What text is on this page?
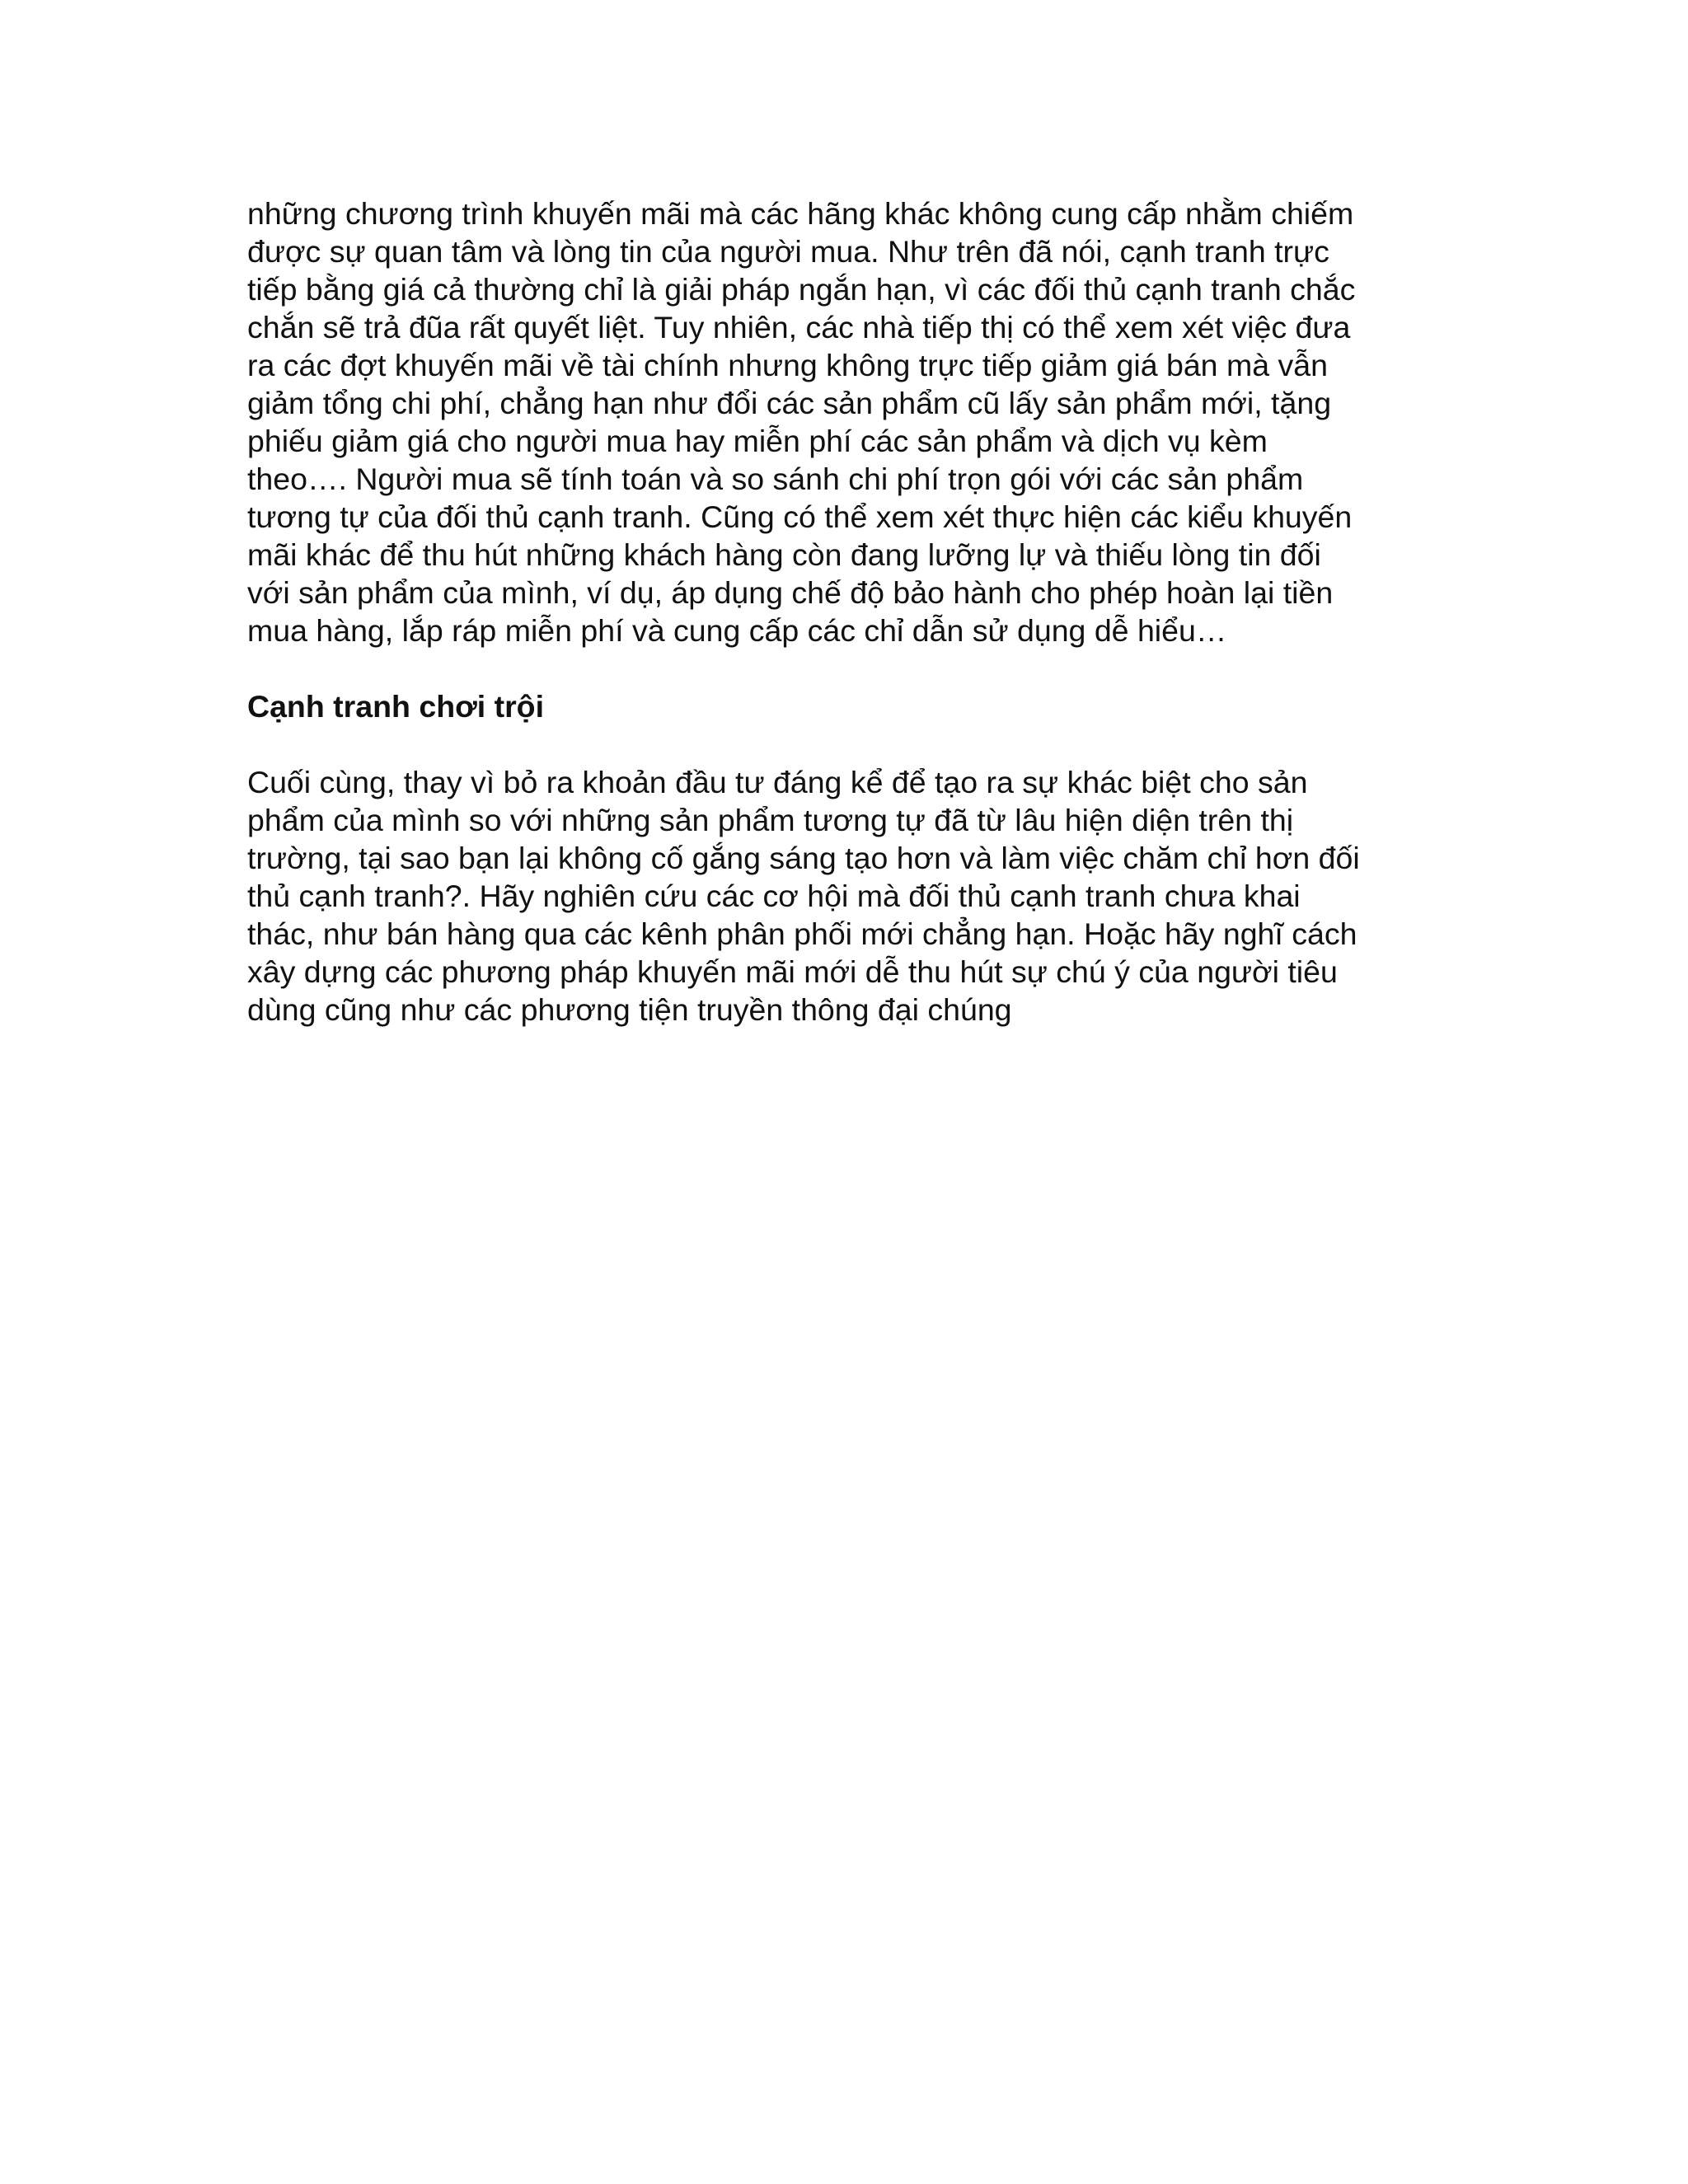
những chương trình khuyến mãi mà các hãng khác không cung cấp nhằm chiếm
được sự quan tâm và lòng tin của người mua. Như trên đã nói, cạnh tranh trực
tiếp bằng giá cả thường chỉ là giải pháp ngắn hạn, vì các đối thủ cạnh tranh chắc
chắn sẽ trả đũa rất quyết liệt. Tuy nhiên, các nhà tiếp thị có thể xem xét việc đưa
ra các đợt khuyến mãi về tài chính nhưng không trực tiếp giảm giá bán mà vẫn
giảm tổng chi phí, chẳng hạn như đổi các sản phẩm cũ lấy sản phẩm mới, tặng
phiếu giảm giá cho người mua hay miễn phí các sản phẩm và dịch vụ kèm
theo…. Người mua sẽ tính toán và so sánh chi phí trọn gói với các sản phẩm
tương tự của đối thủ cạnh tranh. Cũng có thể xem xét thực hiện các kiểu khuyến
mãi khác để thu hút những khách hàng còn đang lưỡng lự và thiếu lòng tin đối
với sản phẩm của mình, ví dụ, áp dụng chế độ bảo hành cho phép hoàn lại tiền
mua hàng, lắp ráp miễn phí và cung cấp các chỉ dẫn sử dụng dễ hiểu…
Cạnh tranh chơi trội
Cuối cùng, thay vì bỏ ra khoản đầu tư đáng kể để tạo ra sự khác biệt cho sản
phẩm của mình so với những sản phẩm tương tự đã từ lâu hiện diện trên thị
trường, tại sao bạn lại không cố gắng sáng tạo hơn và làm việc chăm chỉ hơn đối
thủ cạnh tranh?. Hãy nghiên cứu các cơ hội mà đối thủ cạnh tranh chưa khai
thác, như bán hàng qua các kênh phân phối mới chẳng hạn. Hoặc hãy nghĩ cách
xây dựng các phương pháp khuyến mãi mới dễ thu hút sự chú ý của người tiêu
dùng cũng như các phương tiện truyền thông đại chúng
